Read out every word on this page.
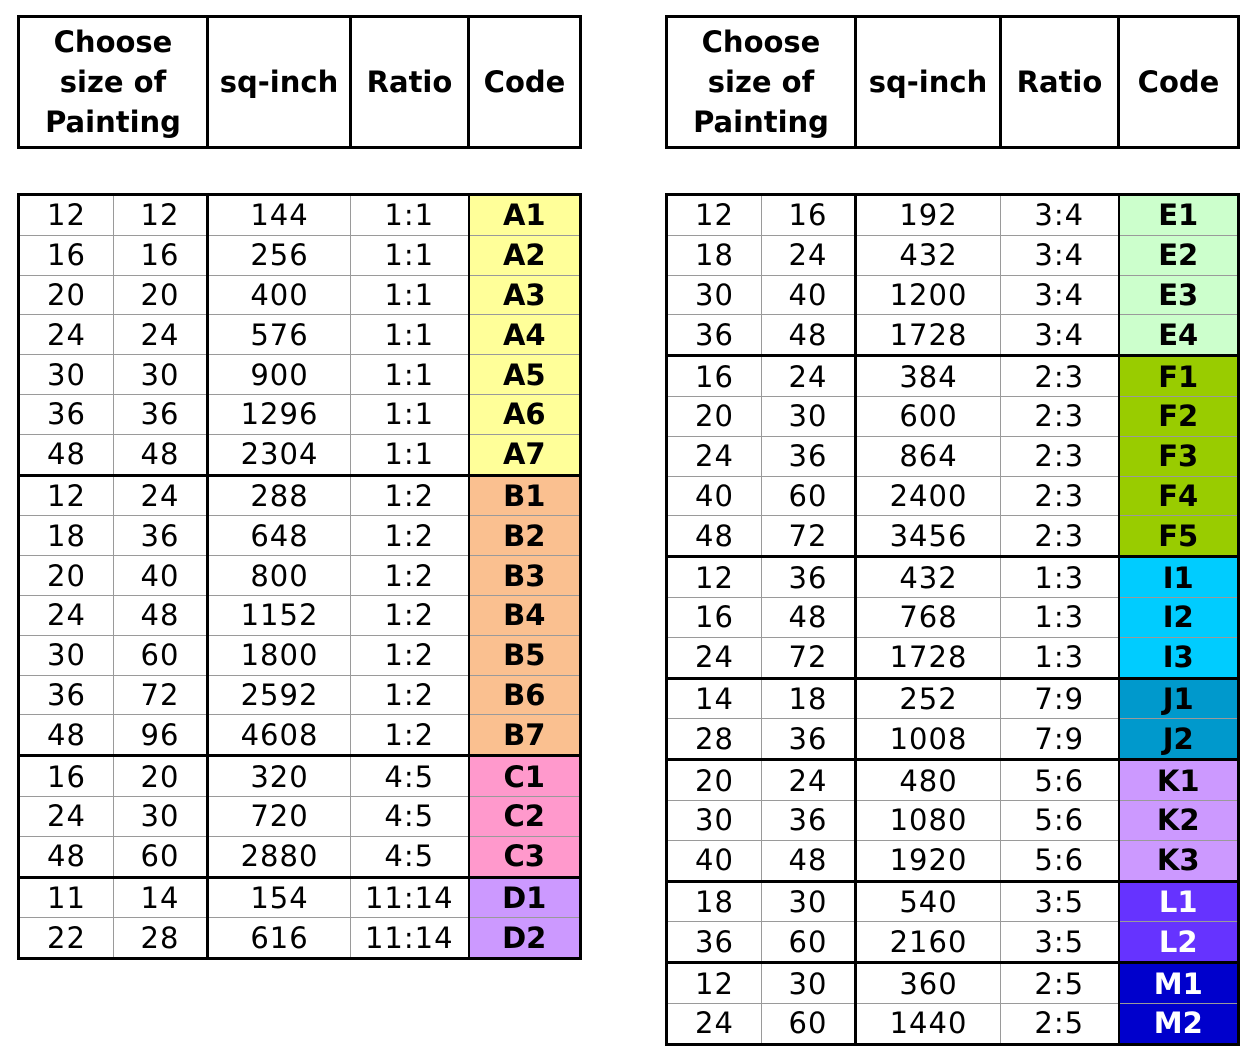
Choose
size of
Painting
	sq-inch	Ratio	Code
Choose
size of
Painting
	sq-inch	Ratio	Code
12	12	144	1:1	A1
16	16	256	1:1	A2
20	20	400	1:1	A3
24	24	576	1:1	A4
30	30	900	1:1	A5
36	36	1296	1:1	A6
48	48	2304	1:1	A7
12	24	288	1:2	B1
18	36	648	1:2	B2
20	40	800	1:2	B3
24	48	1152	1:2	B4
30	60	1800	1:2	B5
36	72	2592	1:2	B6
48	96	4608	1:2	B7
16	20	320	4:5	C1
24	30	720	4:5	C2
48	60	2880	4:5	C3
11	14	154	11:14	D1
22	28	616	11:14	D2
12	16	192	3:4	E1
18	24	432	3:4	E2
30	40	1200	3:4	E3
36	48	1728	3:4	E4
16	24	384	2:3	F1
20	30	600	2:3	F2
24	36	864	2:3	F3
40	60	2400	2:3	F4
48	72	3456	2:3	F5
12	36	432	1:3	I1
16	48	768	1:3	I2
24	72	1728	1:3	I3
14	18	252	7:9	J1
28	36	1008	7:9	J2
20	24	480	5:6	K1
30	36	1080	5:6	K2
40	48	1920	5:6	K3
18	30	540	3:5	L1
36	60	2160	3:5	L2
12	30	360	2:5	M1
24	60	1440	2:5	M2
